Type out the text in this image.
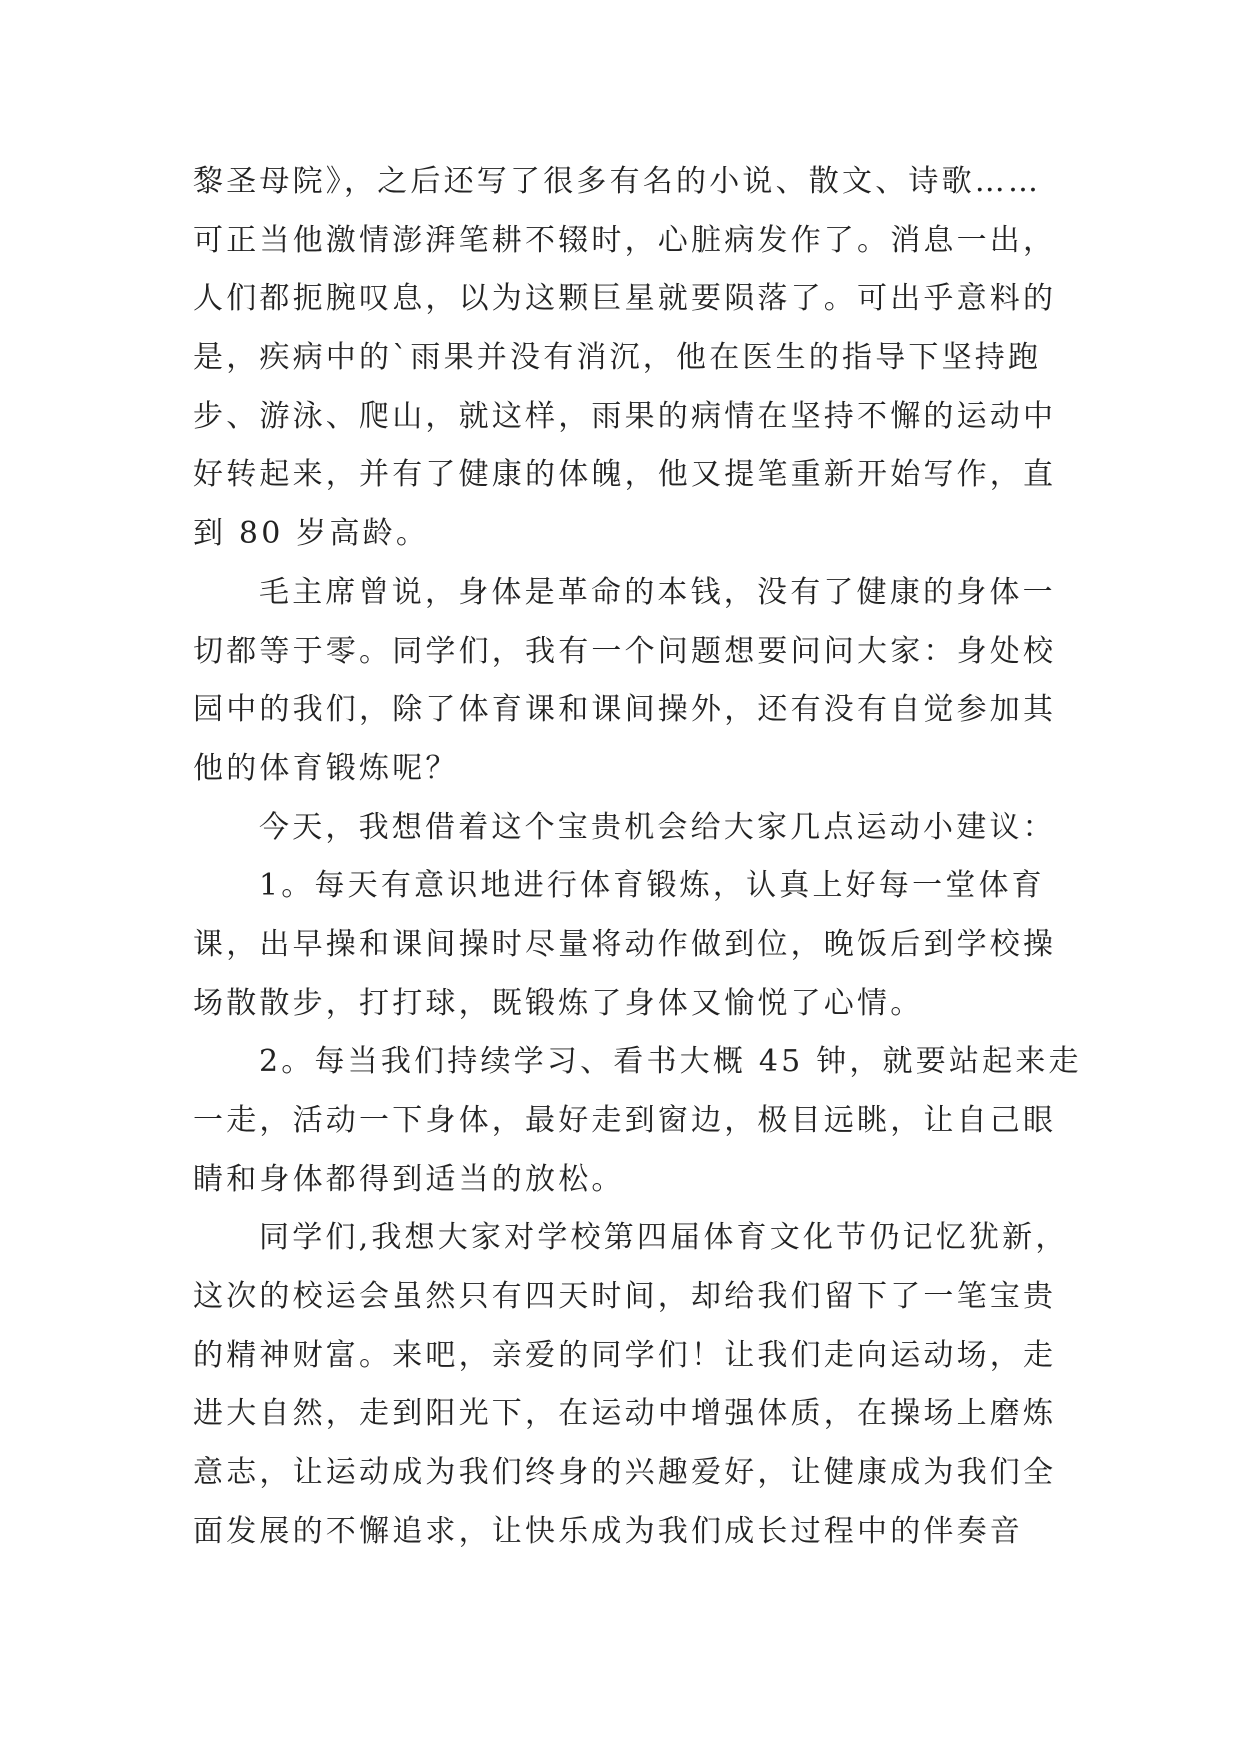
黎圣母院》，之后还写了很多有名的小说、散文、诗歌……
可正当他激情澎湃笔耕不辍时，心脏病发作了。消息一出，
人们都扼腕叹息，以为这颗巨星就要陨落了。可出乎意料的
是，疾病中的`雨果并没有消沉，他在医生的指导下坚持跑
步、游泳、爬山，就这样，雨果的病情在坚持不懈的运动中
好转起来，并有了健康的体魄，他又提笔重新开始写作，直
到 80 岁高龄。
毛主席曾说，身体是革命的本钱，没有了健康的身体一
切都等于零。同学们，我有一个问题想要问问大家：身处校
园中的我们，除了体育课和课间操外，还有没有自觉参加其
他的体育锻炼呢？
今天，我想借着这个宝贵机会给大家几点运动小建议：
1。每天有意识地进行体育锻炼，认真上好每一堂体育
课，出早操和课间操时尽量将动作做到位，晚饭后到学校操
场散散步，打打球，既锻炼了身体又愉悦了心情。
2。每当我们持续学习、看书大概 45 钟，就要站起来走
一走，活动一下身体，最好走到窗边，极目远眺，让自己眼
睛和身体都得到适当的放松。
同学们,我想大家对学校第四届体育文化节仍记忆犹新，
这次的校运会虽然只有四天时间，却给我们留下了一笔宝贵
的精神财富。来吧，亲爱的同学们！让我们走向运动场，走
进大自然，走到阳光下，在运动中增强体质，在操场上磨炼
意志，让运动成为我们终身的兴趣爱好，让健康成为我们全
面发展的不懈追求，让快乐成为我们成长过程中的伴奏音
